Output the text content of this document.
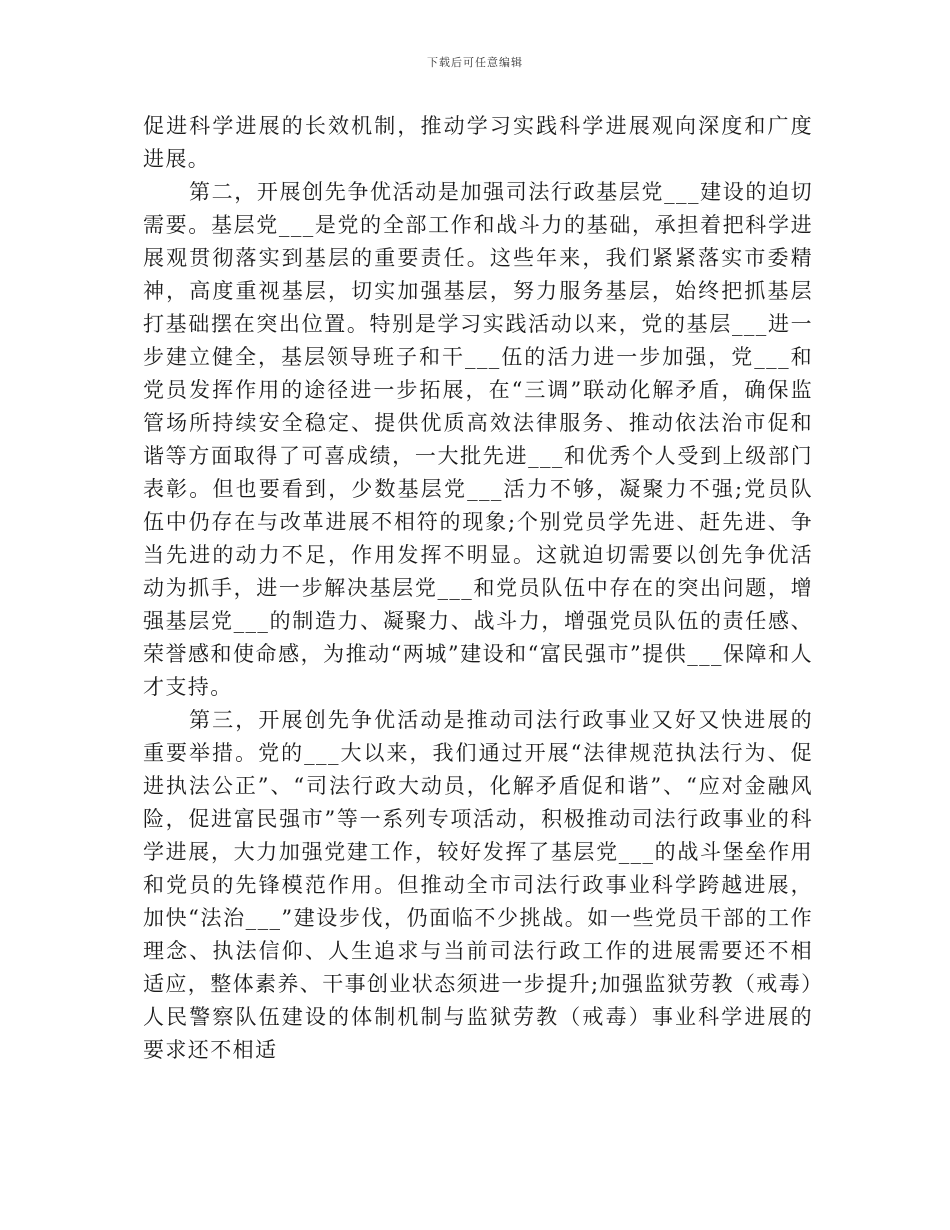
下载后可任意编辑

促进科学进展的长效机制，推动学习实践科学进展观向深度和广度进展。

第二，开展创先争优活动是加强司法行政基层党___建设的迫切需要。基层党___是党的全部工作和战斗力的基础，承担着把科学进展观贯彻落实到基层的重要责任。这些年来，我们紧紧落实市委精神，高度重视基层，切实加强基层，努力服务基层，始终把抓基层打基础摆在突出位置。特别是学习实践活动以来，党的基层___进一步建立健全，基层领导班子和干___伍的活力进一步加强，党___和党员发挥作用的途径进一步拓展，在“三调”联动化解矛盾，确保监管场所持续安全稳定、提供优质高效法律服务、推动依法治市促和谐等方面取得了可喜成绩，一大批先进___和优秀个人受到上级部门表彰。但也要看到，少数基层党___活力不够，凝聚力不强;党员队伍中仍存在与改革进展不相符的现象;个别党员学先进、赶先进、争当先进的动力不足，作用发挥不明显。这就迫切需要以创先争优活动为抓手，进一步解决基层党___和党员队伍中存在的突出问题，增强基层党___的制造力、凝聚力、战斗力，增强党员队伍的责任感、荣誉感和使命感，为推动“两城”建设和“富民强市”提供___保障和人才支持。

第三，开展创先争优活动是推动司法行政事业又好又快进展的重要举措。党的___大以来，我们通过开展“法律规范执法行为、促进执法公正”、“司法行政大动员，化解矛盾促和谐”、“应对金融风险，促进富民强市”等一系列专项活动，积极推动司法行政事业的科学进展，大力加强党建工作，较好发挥了基层党___的战斗堡垒作用和党员的先锋模范作用。但推动全市司法行政事业科学跨越进展，加快“法治___”建设步伐，仍面临不少挑战。如一些党员干部的工作理念、执法信仰、人生追求与当前司法行政工作的进展需要还不相适应，整体素养、干事创业状态须进一步提升;加强监狱劳教（戒毒）人民警察队伍建设的体制机制与监狱劳教（戒毒）事业科学进展的要求还不相适
